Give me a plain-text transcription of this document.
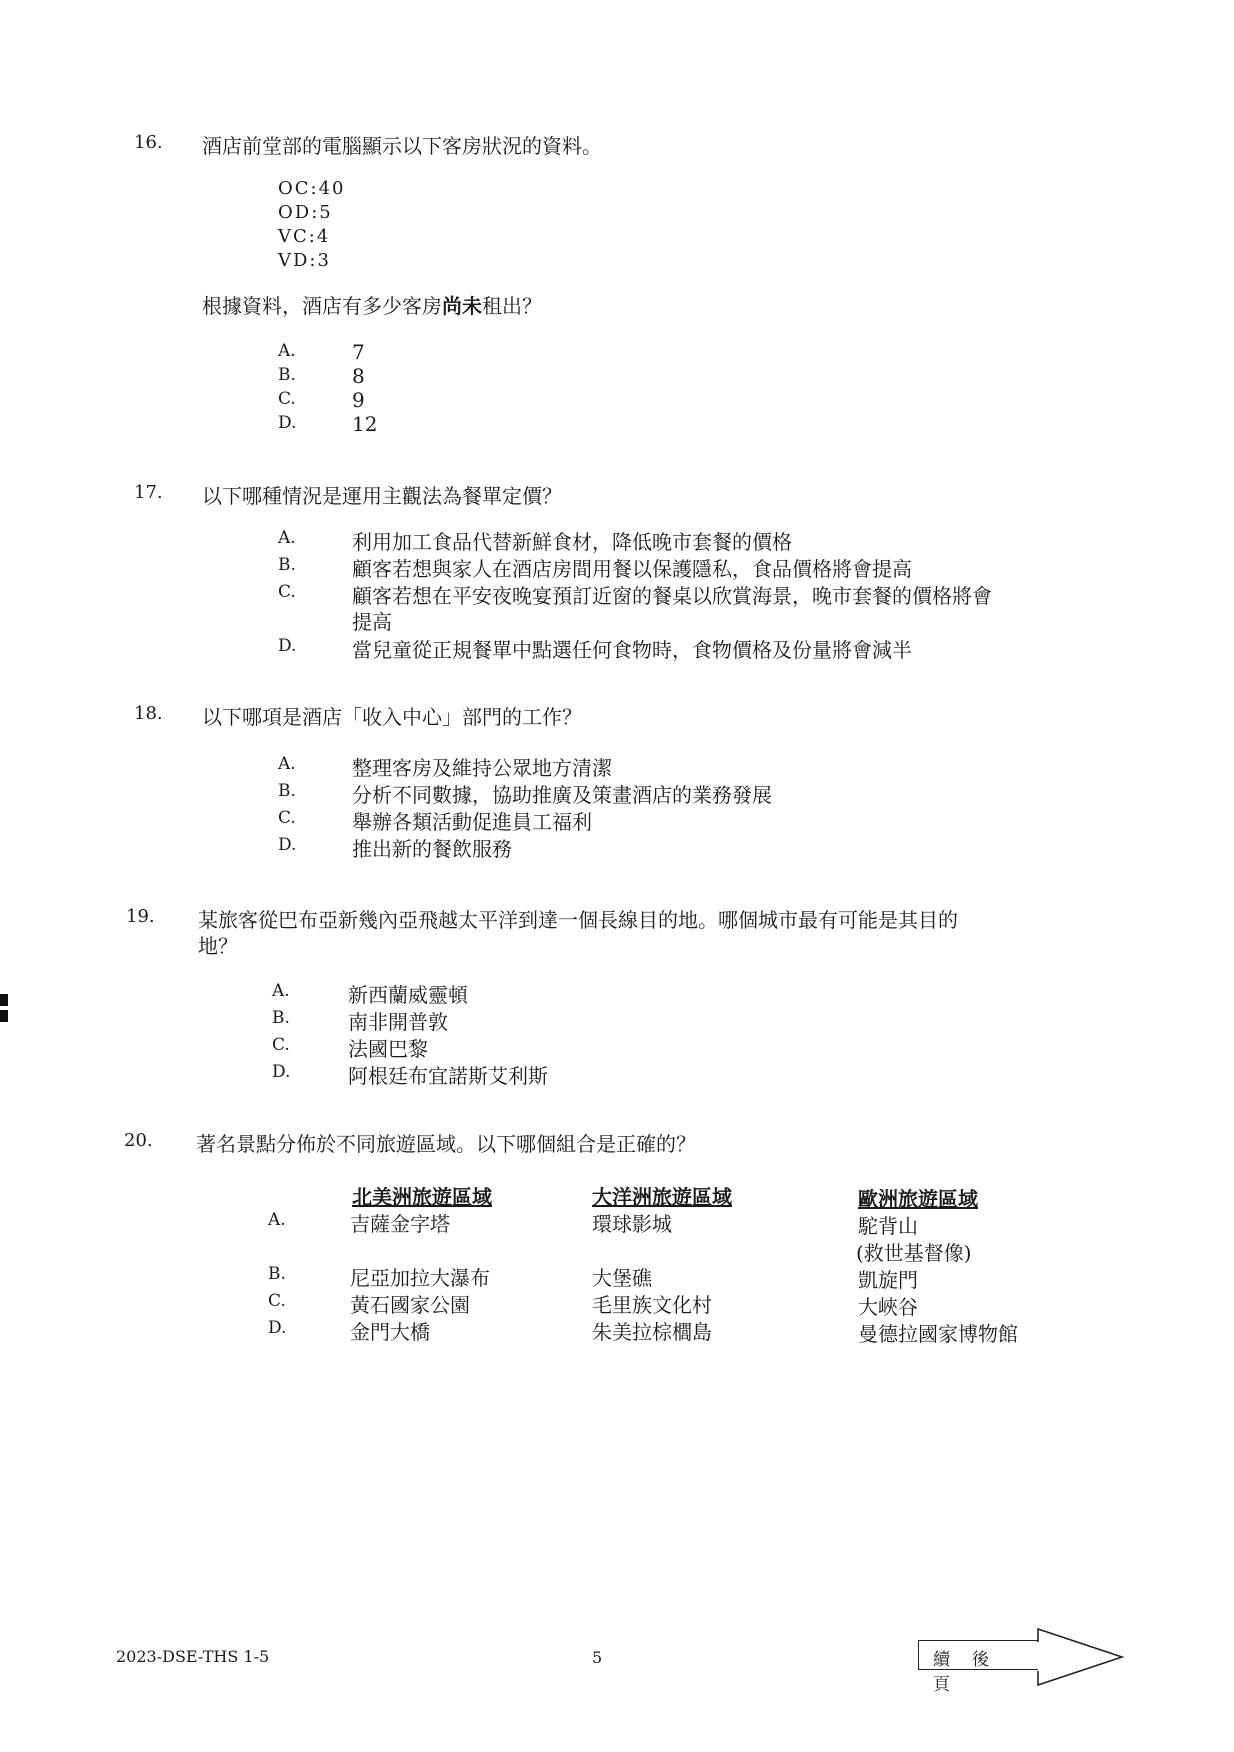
16. 酒店前堂部的電腦顯示以下客房狀況的資料。
OC:40
OD:5
VC:4
VD:3
根據資料，酒店有多少客房尚未租出？
A.	7
B.	8
C.	9
D.	12
17. 以下哪種情況是運用主觀法為餐單定價？
A.	利用加工食品代替新鮮食材，降低晚市套餐的價格
B.	顧客若想與家人在酒店房間用餐以保護隱私，食品價格將會提高
C.	顧客若想在平安夜晚宴預訂近窗的餐桌以欣賞海景，晚市套餐的價格將會
提高
D.	當兒童從正規餐單中點選任何食物時，食物價格及份量將會減半
18. 以下哪項是酒店「收入中心」部門的工作？
A.	整理客房及維持公眾地方清潔
B.	分析不同數據，協助推廣及策畫酒店的業務發展
C.	舉辦各類活動促進員工福利
D.	推出新的餐飲服務
19. 某旅客從巴布亞新幾內亞飛越太平洋到達一個長線目的地。哪個城市最有可能是其目的
地？
A.	新西蘭威靈頓
B.	南非開普敦
C.	法國巴黎
D.	阿根廷布宜諾斯艾利斯
20. 著名景點分佈於不同旅遊區域。以下哪個組合是正確的？
北美洲旅遊區域	大洋洲旅遊區域	歐洲旅遊區域
A.	吉薩金字塔	環球影城	駝背山
(救世基督像)
B.	尼亞加拉大瀑布	大堡礁	凱旋門
C.	黃石國家公園	毛里族文化村	大峽谷
D.	金門大橋	朱美拉棕櫚島	曼德拉國家博物館
2023-DSE-THS 1-5	5	續後頁
